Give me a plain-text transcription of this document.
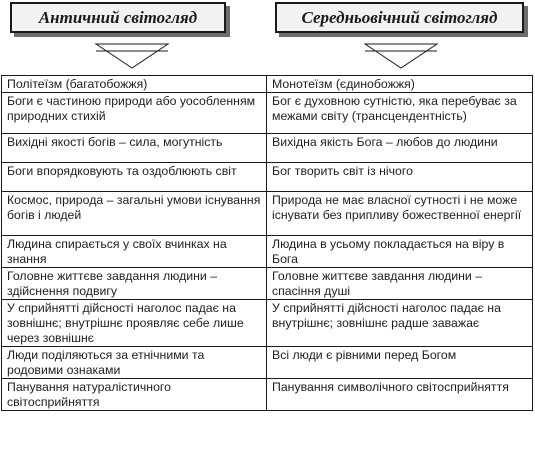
Античний світогляд	Середньовічний світогляд
Політеїзм (багатобожжя)	Монотеїзм (єдинобожжя)
Боги є частиною природи або уособленням природних стихій	Бог є духовною сутністю, яка перебуває за межами світу (трансцендентність)
Вихідні якості богів – сила, могутність	Вихідна якість Бога – любов до людини
Боги впорядковують та оздоблюють світ	Бог творить світ із нічого
Космос, природа – загальні умови існування богів і людей	Природа не має власної сутності і не може існувати без припливу божественної енергії
Людина спирається у своїх вчинках на знання	Людина в усьому покладається на віру в Бога
Головне життєве завдання людини – здійснення подвигу	Головне життєве завдання людини – спасіння душі
У сприйнятті дійсності наголос падає на зовнішнє; внутрішнє проявляє себе лише через зовнішнє	У сприйнятті дійсності наголос падає на внутрішнє; зовнішнє радше заважає
Люди поділяються за етнічними та родовими ознаками	Всі люди є рівними перед Богом
Панування натуралістичного світосприйняття	Панування символічного світосприйняття
